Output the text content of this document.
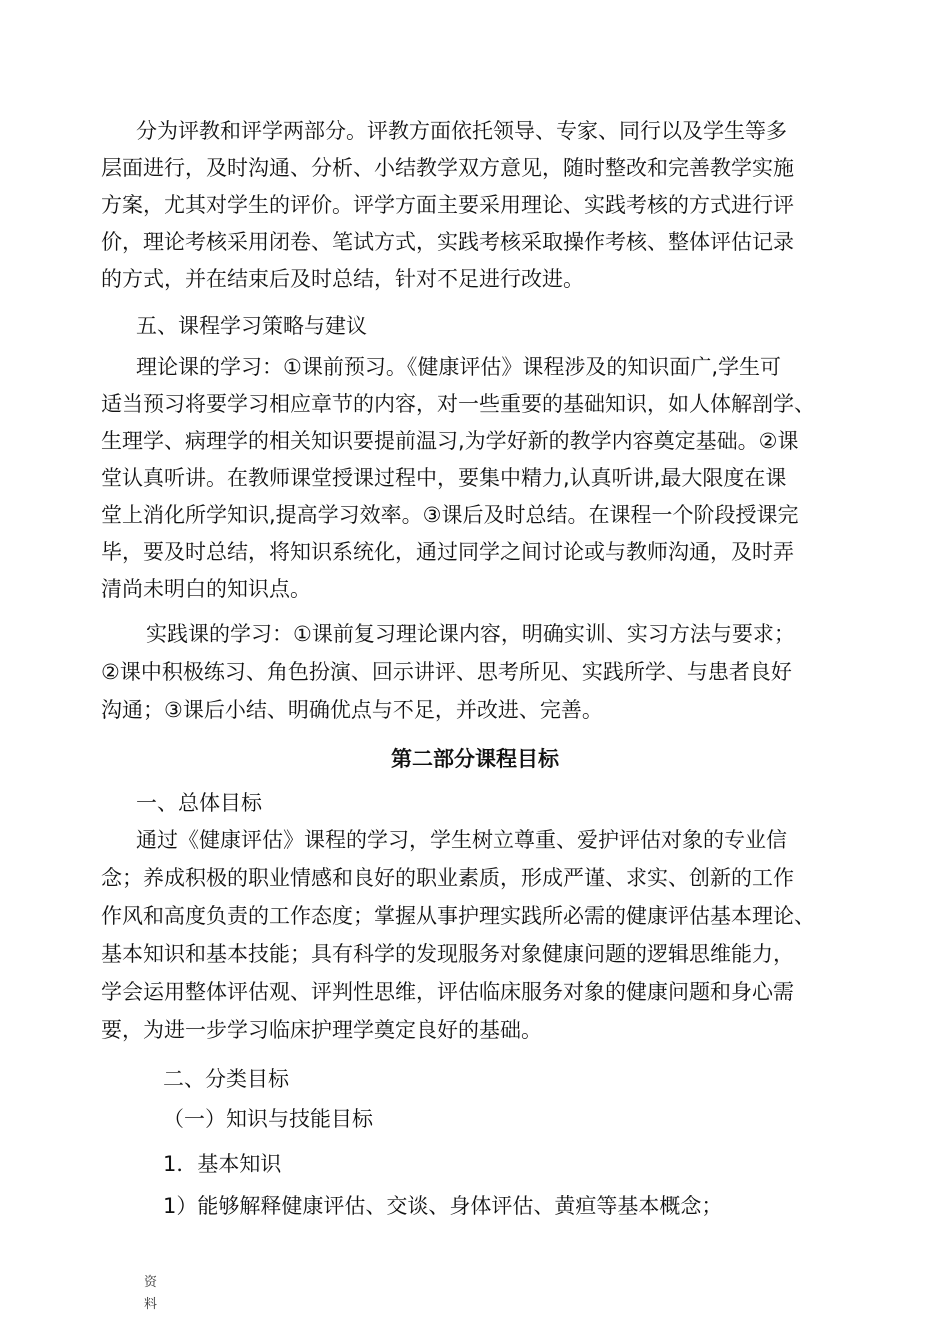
分为评教和评学两部分。评教方面依托领导、专家、同行以及学生等多
层面进行，及时沟通、分析、小结教学双方意见，随时整改和完善教学实施
方案，尤其对学生的评价。评学方面主要采用理论、实践考核的方式进行评
价，理论考核采用闭卷、笔试方式，实践考核采取操作考核、整体评估记录
的方式，并在结束后及时总结，针对不足进行改进。
五、课程学习策略与建议
理论课的学习：①课前预习。《健康评估》课程涉及的知识面广,学生可
适当预习将要学习相应章节的内容，对一些重要的基础知识，如人体解剖学、
生理学、病理学的相关知识要提前温习,为学好新的教学内容奠定基础。②课
堂认真听讲。在教师课堂授课过程中，要集中精力,认真听讲,最大限度在课
堂上消化所学知识,提高学习效率。③课后及时总结。在课程一个阶段授课完
毕，要及时总结，将知识系统化，通过同学之间讨论或与教师沟通，及时弄
清尚未明白的知识点。
实践课的学习：①课前复习理论课内容，明确实训、实习方法与要求；
②课中积极练习、角色扮演、回示讲评、思考所见、实践所学、与患者良好
沟通；③课后小结、明确优点与不足，并改进、完善。
第二部分课程目标
一、总体目标
通过《健康评估》课程的学习，学生树立尊重、爱护评估对象的专业信
念；养成积极的职业情感和良好的职业素质，形成严谨、求实、创新的工作
作风和高度负责的工作态度；掌握从事护理实践所必需的健康评估基本理论、
基本知识和基本技能；具有科学的发现服务对象健康问题的逻辑思维能力，
学会运用整体评估观、评判性思维，评估临床服务对象的健康问题和身心需
要，为进一步学习临床护理学奠定良好的基础。
二、分类目标
（一）知识与技能目标
1．基本知识
1）能够解释健康评估、交谈、身体评估、黄疸等基本概念；
资
料
